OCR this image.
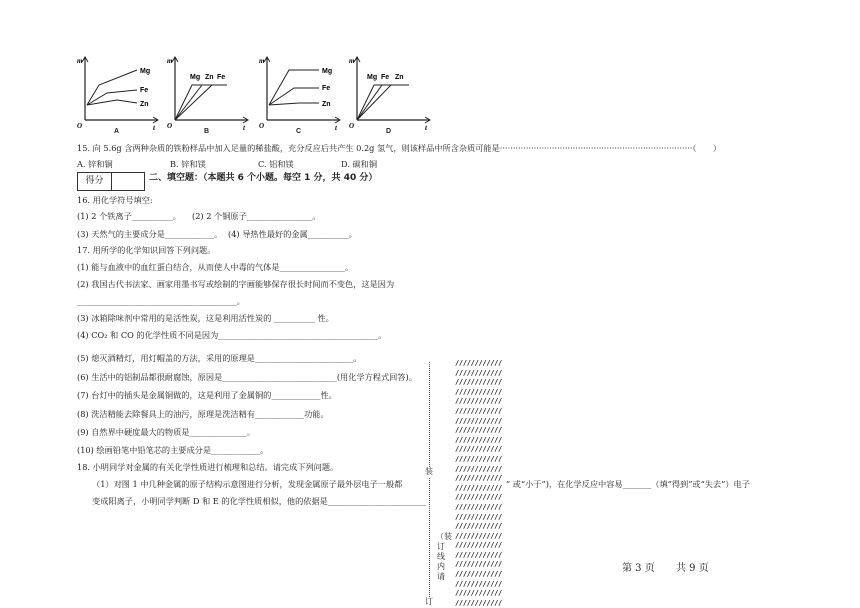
Mg
Fe
Zn
m
t
O
A
Mg Zn Fe
m
t
O
B
Mg
Fe
Zn
m
t
O
C
Mg Fe Zn
m
t
O
D
15. 向 5.6g 含两种杂质的铁粉样品中加入足量的稀盐酸，充分反应后共产生 0.2g 氢气，则该样品中所含杂质可能是··········································································（　　）
A. 锌和铜	B. 锌和镁	C. 铝和镁	D. 碳和铜
得分	二、填空题：（本题共 6 个小题。每空 1 分，共 40 分）
16. 用化学符号填空:
(1) 2 个铁离子__________。 (2) 2 个铜原子________________。
(3) 天然气的主要成分是____________。 (4) 导热性最好的金属__________。
17. 用所学的化学知识回答下列问题。
(1) 能与血液中的血红蛋白结合，从而使人中毒的气体是________________。
(2) 我国古代书法家、画家用墨书写或绘制的字画能够保存很长时间而不变色，这是因为
_______________________________________。
(3) 冰箱除味剂中常用的是活性炭，这是利用活性炭的 __________ 性。
(4) CO₂ 和 CO 的化学性质不同是因为_______________________________________。
(5) 熄灭酒精灯，用灯帽盖的方法，采用的原理是________________________。
(6) 生活中的铝制品都很耐腐蚀，原因是____________________________(用化学方程式回答)。
(7) 台灯中的插头是金属铜做的，这是利用了金属铜的____________性。
(8) 洗洁精能去除餐具上的油污，原理是洗洁精有____________功能。
(9) 自然界中硬度最大的物质是______________。
(10) 绘画铅笔中铅笔芯的主要成分是____________。
18. 小明同学对金属的有关化学性质进行梳理和总结。请完成下列问题。
（1）对图 1 中几种金属的原子结构示意图进行分析，发现金属原子最外层电子一般都
变成阳离子，小明同学判断 D 和 E 的化学性质相似，他的依据是________________________
” 或“小于”)，在化学反应中容易_______（填“得到”或“失去”）电子
装
（装订线内请
订
////////////
////////////
////////////
////////////
////////////
////////////
////////////
////////////
////////////
////////////
////////////
////////////
////////////
////////////
////////////
////////////
////////////
////////////
////////////
////////////
////////////
////////////
////////////
////////////
////////////
////////////
第 3 页 共 9 页
